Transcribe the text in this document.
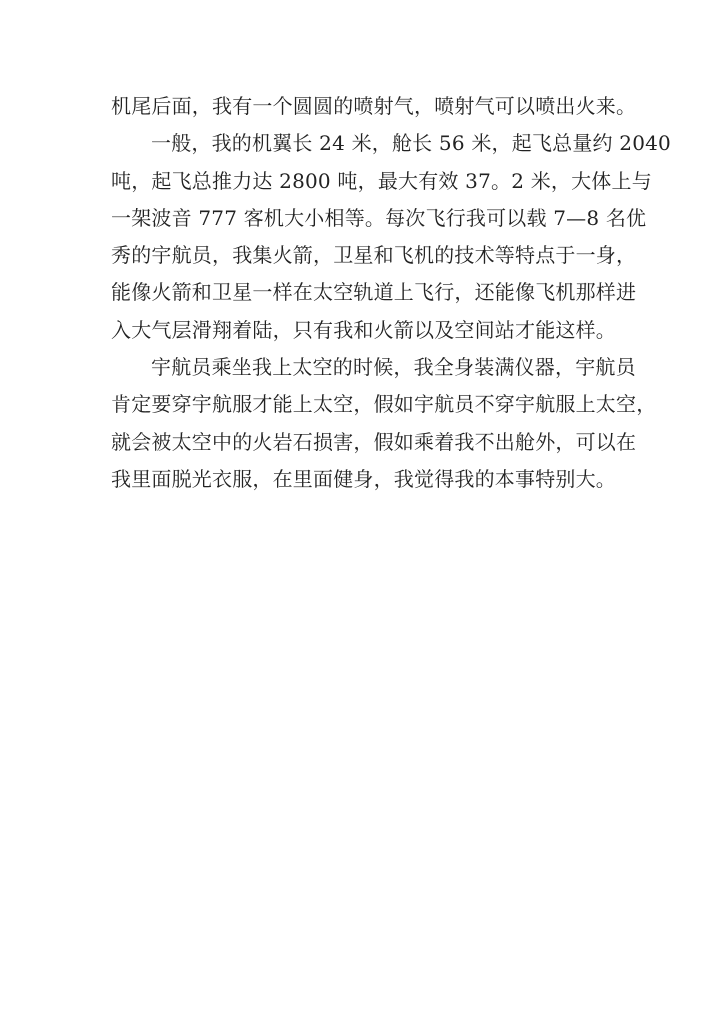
机尾后面，我有一个圆圆的喷射气，喷射气可以喷出火来。
一般，我的机翼长 24 米，舱长 56 米，起飞总量约 2040
吨，起飞总推力达 2800 吨，最大有效 37。2 米，大体上与
一架波音 777 客机大小相等。每次飞行我可以载 7—8 名优
秀的宇航员，我集火箭，卫星和飞机的技术等特点于一身，
能像火箭和卫星一样在太空轨道上飞行，还能像飞机那样进
入大气层滑翔着陆，只有我和火箭以及空间站才能这样。
宇航员乘坐我上太空的时候，我全身装满仪器，宇航员
肯定要穿宇航服才能上太空，假如宇航员不穿宇航服上太空，
就会被太空中的火岩石损害，假如乘着我不出舱外，可以在
我里面脱光衣服，在里面健身，我觉得我的本事特别大。
